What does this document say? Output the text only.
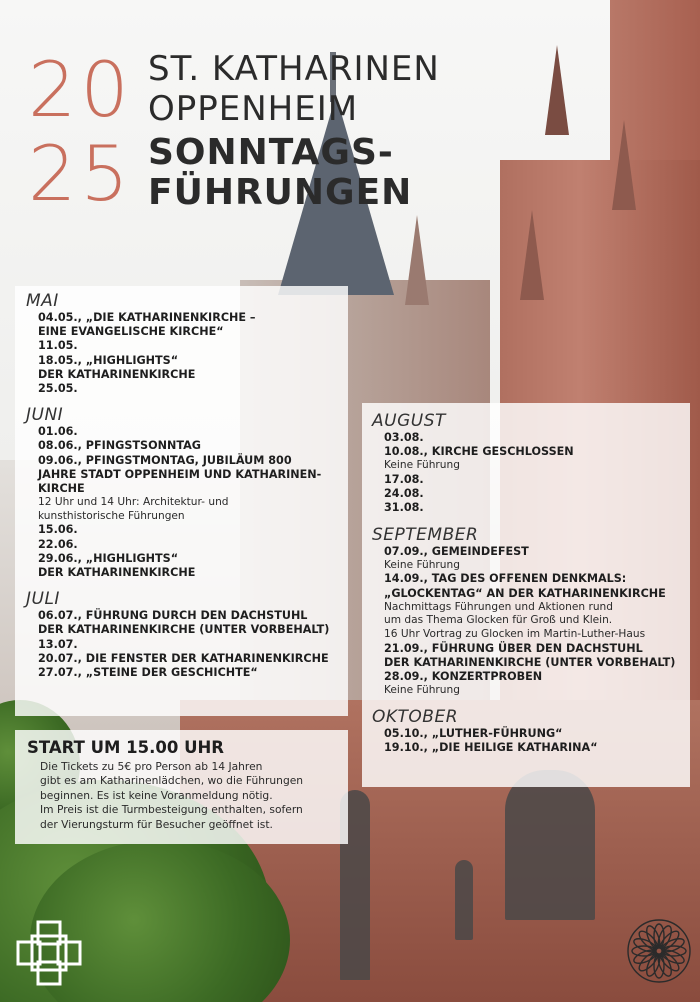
20
25
ST. KATHARINEN
OPPENHEIM
SONNTAGS-
FÜHRUNGEN
MAI
04.05., „DIE KATHARINENKIRCHE –
EINE EVANGELISCHE KIRCHE“
11.05.
18.05., „HIGHLIGHTS“
DER KATHARINENKIRCHE
25.05.
JUNI
01.06.
08.06., PFINGSTSONNTAG
09.06., PFINGSTMONTAG, JUBILÄUM 800
JAHRE STADT OPPENHEIM UND KATHARINEN-
KIRCHE
12 Uhr und 14 Uhr: Architektur- und
kunsthistorische Führungen
15.06.
22.06.
29.06., „HIGHLIGHTS“
DER KATHARINENKIRCHE
JULI
06.07., FÜHRUNG DURCH DEN DACHSTUHL
DER KATHARINENKIRCHE (UNTER VORBEHALT)
13.07.
20.07., DIE FENSTER DER KATHARINENKIRCHE
27.07., „STEINE DER GESCHICHTE“
AUGUST
03.08.
10.08., KIRCHE GESCHLOSSEN
Keine Führung
17.08.
24.08.
31.08.
SEPTEMBER
07.09., GEMEINDEFEST
Keine Führung
14.09., TAG DES OFFENEN DENKMALS:
„GLOCKENTAG“ AN DER KATHARINENKIRCHE
Nachmittags Führungen und Aktionen rund
um das Thema Glocken für Groß und Klein.
16 Uhr Vortrag zu Glocken im Martin-Luther-Haus
21.09., FÜHRUNG ÜBER DEN DACHSTUHL
DER KATHARINENKIRCHE (UNTER VORBEHALT)
28.09., KONZERTPROBEN
Keine Führung
OKTOBER
05.10., „LUTHER-FÜHRUNG“
19.10., „DIE HEILIGE KATHARINA“
START UM 15.00 UHR
Die Tickets zu 5€ pro Person ab 14 Jahren
gibt es am Katharinenlädchen, wo die Führungen
beginnen. Es ist keine Voranmeldung nötig.
Im Preis ist die Turmbesteigung enthalten, sofern
der Vierungsturm für Besucher geöffnet ist.
